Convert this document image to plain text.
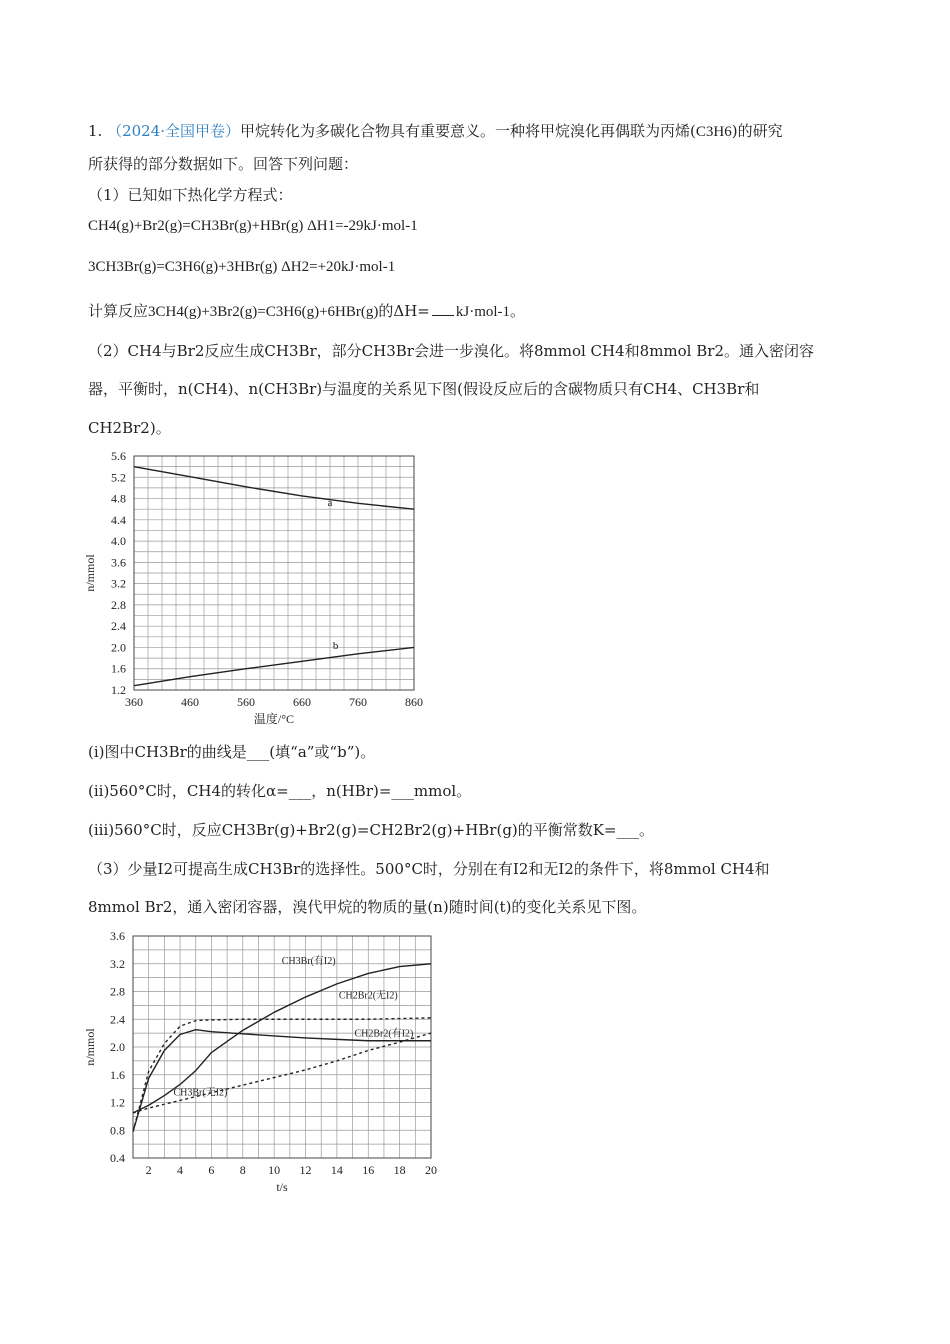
1. （2024·全国甲卷）甲烷转化为多碳化合物具有重要意义。一种将甲烷溴化再偶联为丙烯(C3H6)的研究
所获得的部分数据如下。回答下列问题：
（1）已知如下热化学方程式：
CH4(g)+Br2(g)=CH3Br(g)+HBr(g) ΔH1=-29kJ·mol-1
3CH3Br(g)=C3H6(g)+3HBr(g) ΔH2=+20kJ·mol-1
计算反应3CH4(g)+3Br2(g)=C3H6(g)+6HBr(g)的ΔH= kJ·mol-1。
（2）CH4与Br2反应生成CH3Br，部分CH3Br会进一步溴化。将8mmol CH4和8mmol Br2。通入密闭容
器，平衡时，n(CH4)、n(CH3Br)与温度的关系见下图(假设反应后的含碳物质只有CH4、CH3Br和
CH2Br2)。
360	460	560	660	760	860
1.2
1.6
2.0
2.4
2.8
3.2
3.6
4.0
4.4
4.8
5.2
5.6
温度/°C
n/mmol
a
b
(i)图中CH3Br的曲线是___(填“a”或“b”)。
(ii)560°C时，CH4的转化α=___，n(HBr)=___mmol。
(iii)560°C时，反应CH3Br(g)+Br2(g)=CH2Br2(g)+HBr(g)的平衡常数K=___。
（3）少量I2可提高生成CH3Br的选择性。500°C时，分别在有I2和无I2的条件下，将8mmol CH4和
8mmol Br2，通入密闭容器，溴代甲烷的物质的量(n)随时间(t)的变化关系见下图。
2 4 6 8 10 12 14 16 18 20
0.4
0.8
1.2
1.6
2.0
2.4
2.8
3.2
3.6
t/s
n/mmol
CH3Br(有I2)
CH2Br2(无I2)
CH2Br2(有I2)
CH3Br(无I2)
